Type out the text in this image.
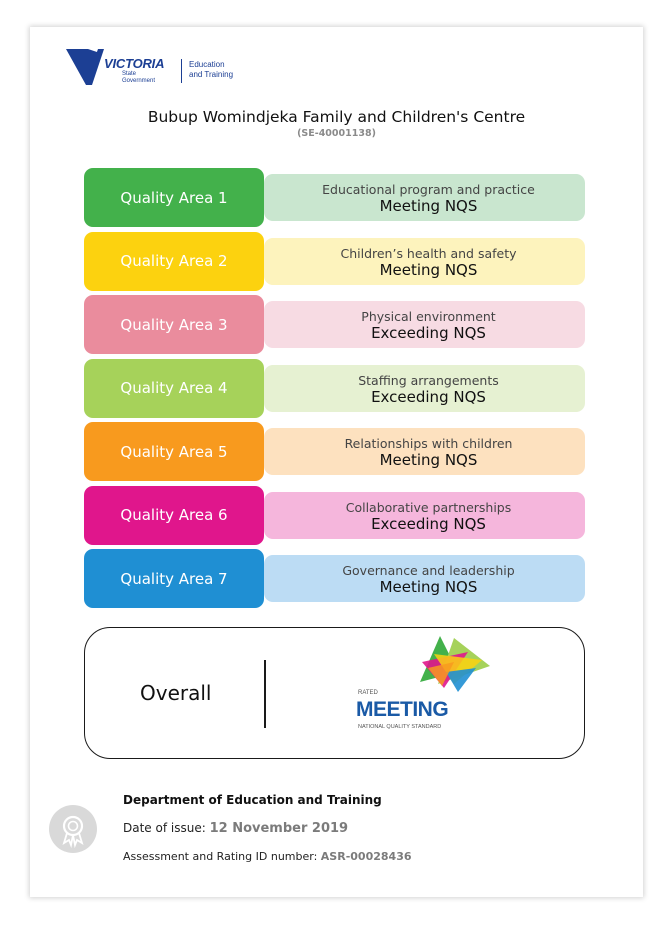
VICTORIA
State
Government
Education
and Training
Bubup Womindjeka Family and Children's Centre
(SE-40001138)
Educational program and practice
Meeting NQS
Quality Area 1
Children’s health and safety
Meeting NQS
Quality Area 2
Physical environment
Exceeding NQS
Quality Area 3
Staffing arrangements
Exceeding NQS
Quality Area 4
Relationships with children
Meeting NQS
Quality Area 5
Collaborative partnerships
Exceeding NQS
Quality Area 6
Governance and leadership
Meeting NQS
Quality Area 7
Overall	RATED
MEETING
NATIONAL QUALITY STANDARD
Department of Education and Training
Date of issue: 12 November 2019
Assessment and Rating ID number: ASR-00028436
